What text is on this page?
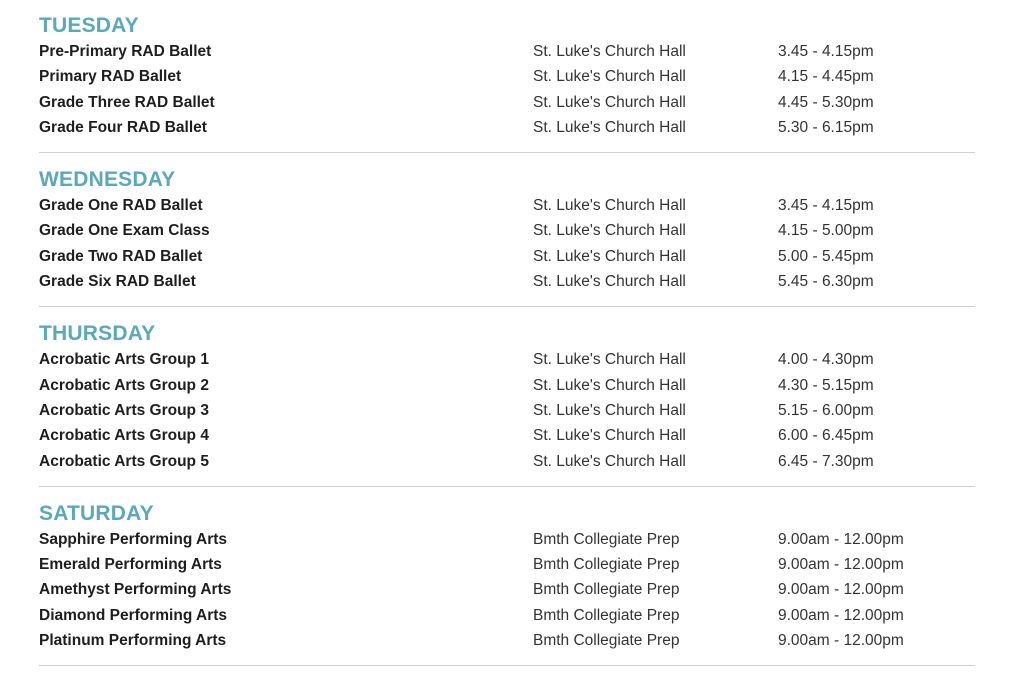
TUESDAY
Pre-Primary RAD Ballet	St. Luke's Church Hall	3.45 - 4.15pm
Primary RAD Ballet	St. Luke's Church Hall	4.15 - 4.45pm
Grade Three RAD Ballet	St. Luke's Church Hall	4.45 - 5.30pm
Grade Four RAD Ballet	St. Luke's Church Hall	5.30 - 6.15pm
WEDNESDAY
Grade One RAD Ballet	St. Luke's Church Hall	3.45 - 4.15pm
Grade One Exam Class	St. Luke's Church Hall	4.15 - 5.00pm
Grade Two RAD Ballet	St. Luke's Church Hall	5.00 - 5.45pm
Grade Six RAD Ballet	St. Luke's Church Hall	5.45 - 6.30pm
THURSDAY
Acrobatic Arts Group 1	St. Luke's Church Hall	4.00 - 4.30pm
Acrobatic Arts Group 2	St. Luke's Church Hall	4.30 - 5.15pm
Acrobatic Arts Group 3	St. Luke's Church Hall	5.15 - 6.00pm
Acrobatic Arts Group 4	St. Luke's Church Hall	6.00 - 6.45pm
Acrobatic Arts Group 5	St. Luke's Church Hall	6.45 - 7.30pm
SATURDAY
Sapphire Performing Arts	Bmth Collegiate Prep	9.00am - 12.00pm
Emerald Performing Arts	Bmth Collegiate Prep	9.00am - 12.00pm
Amethyst Performing Arts	Bmth Collegiate Prep	9.00am - 12.00pm
Diamond Performing Arts	Bmth Collegiate Prep	9.00am - 12.00pm
Platinum Performing Arts	Bmth Collegiate Prep	9.00am - 12.00pm
